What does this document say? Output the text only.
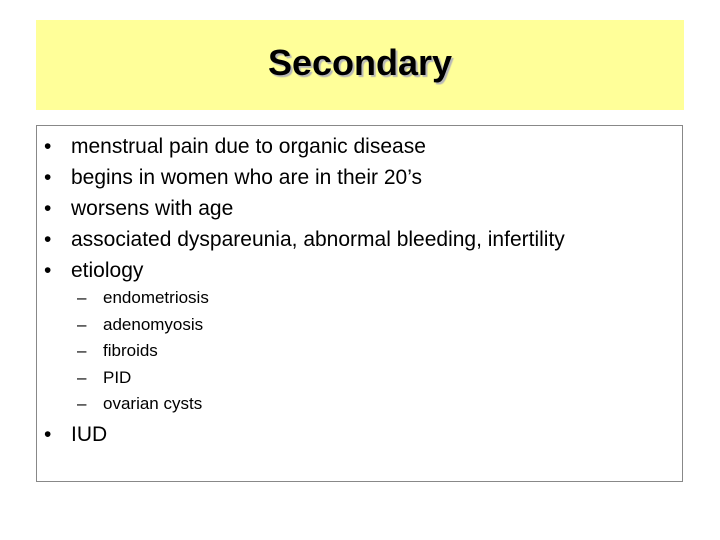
Secondary
• menstrual pain due to organic disease
• begins in women who are in their 20’s
• worsens with age
• associated dyspareunia, abnormal bleeding, infertility
• etiology
– endometriosis
– adenomyosis
– fibroids
– PID
– ovarian cysts
• IUD
